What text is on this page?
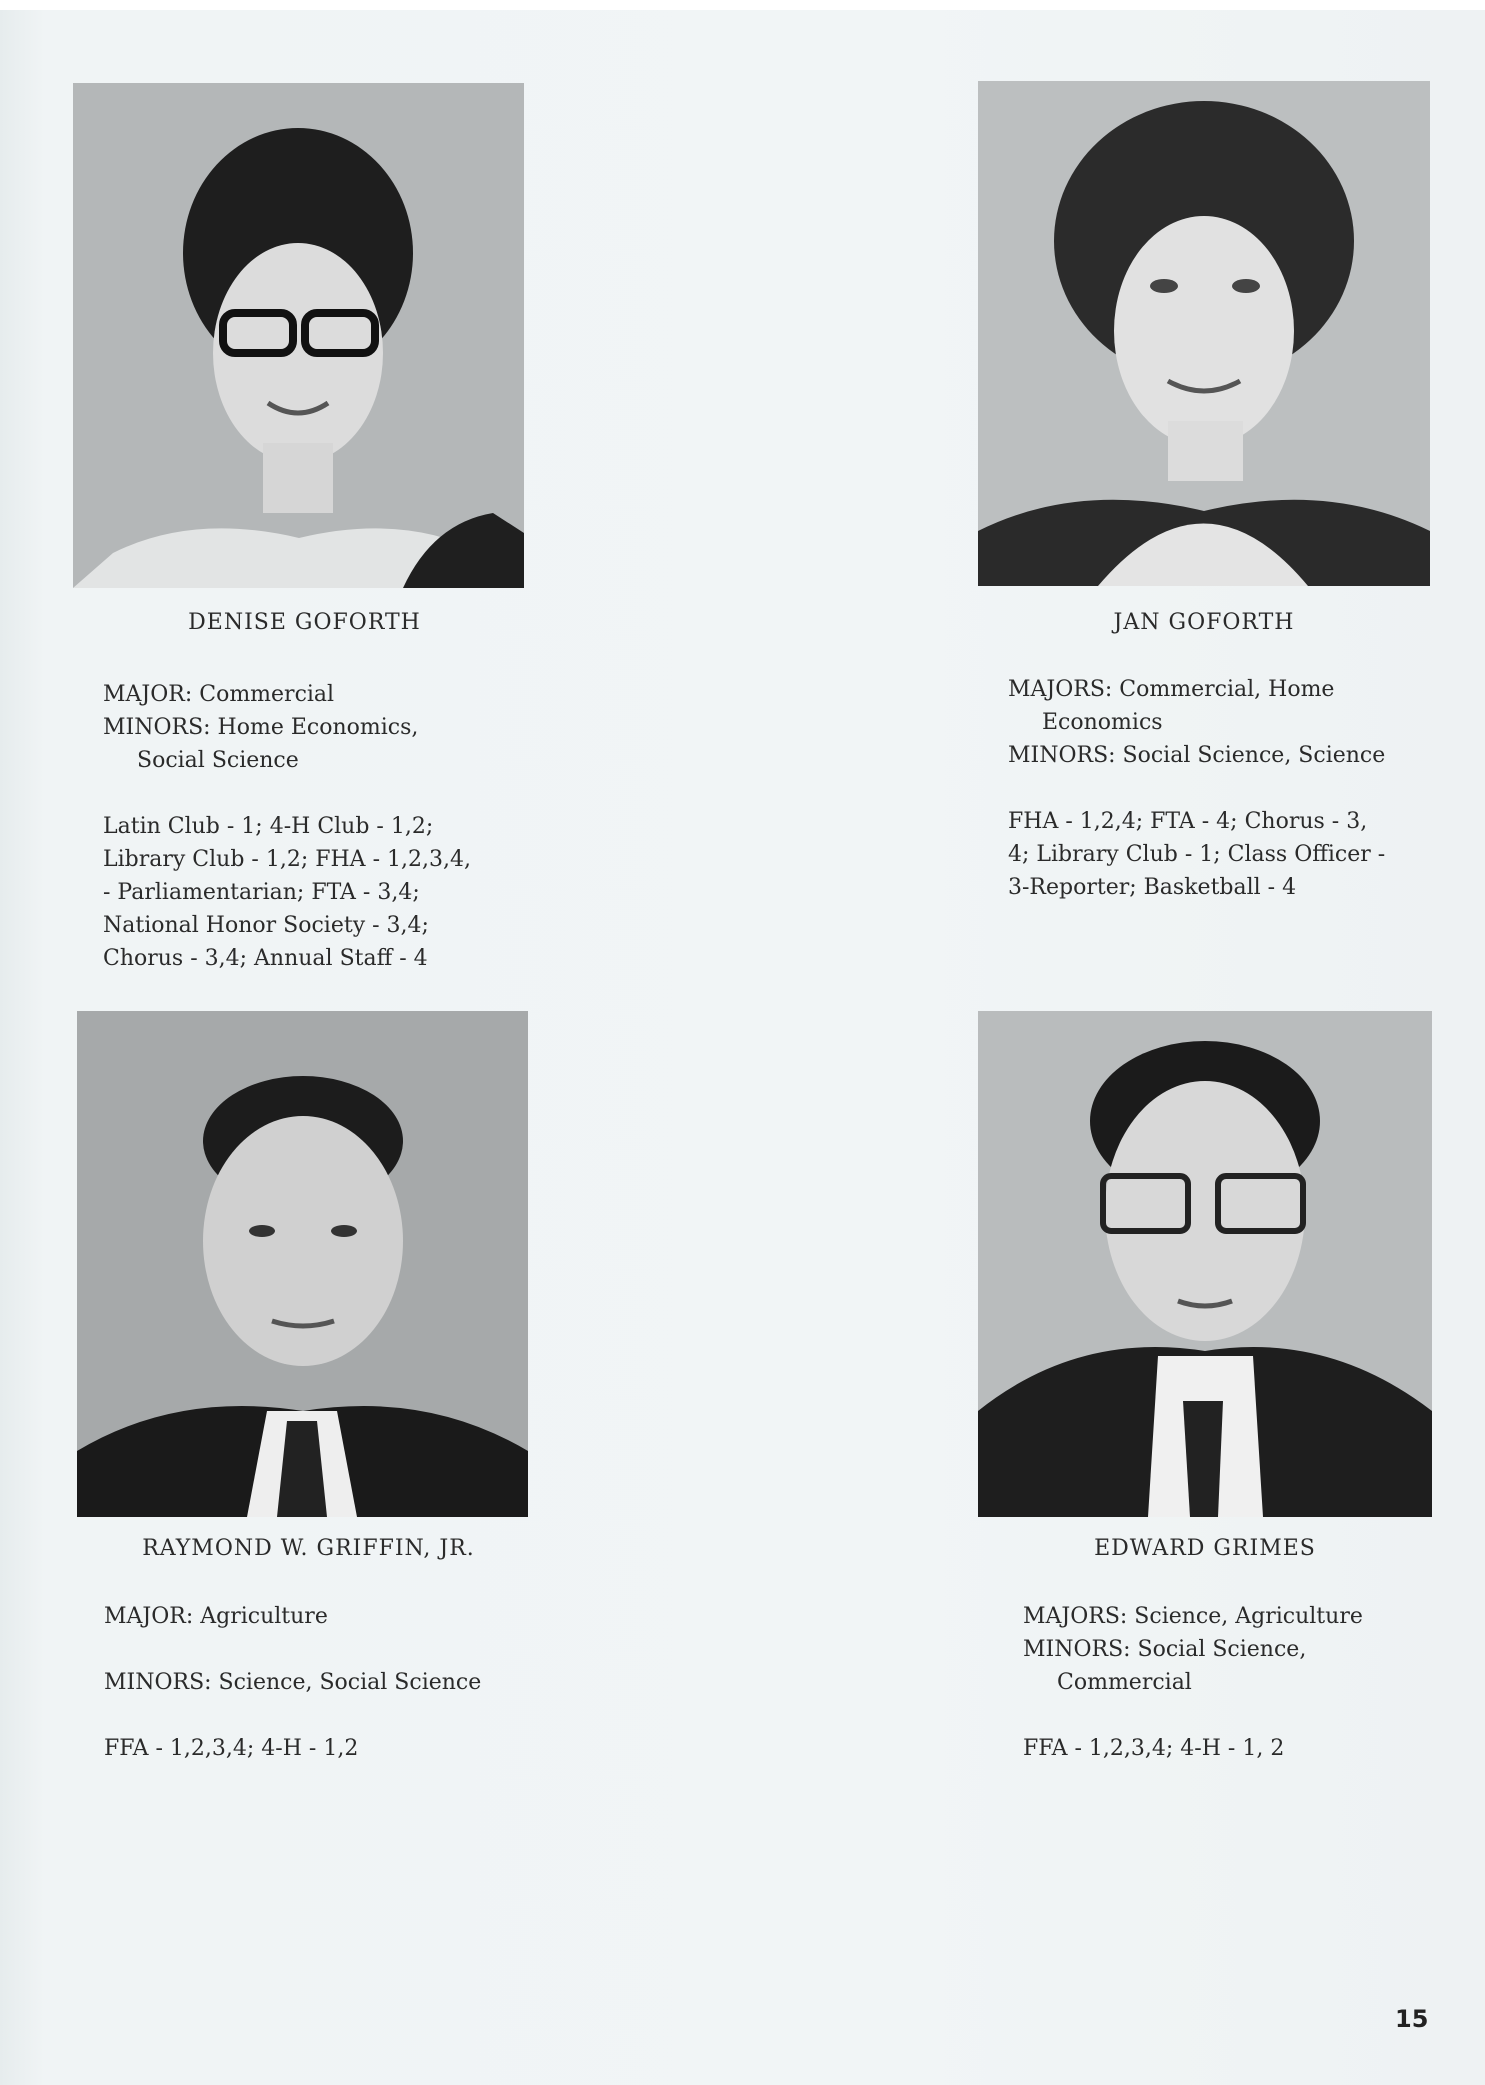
DENISE GOFORTH
MAJOR: Commercial
MINORS: Home Economics,
Social Science
Latin Club - 1; 4-H Club - 1,2;
Library Club - 1,2; FHA - 1,2,3,4,
- Parliamentarian; FTA - 3,4;
National Honor Society - 3,4;
Chorus - 3,4; Annual Staff - 4
JAN GOFORTH
MAJORS: Commercial, Home
Economics
MINORS: Social Science, Science
FHA - 1,2,4; FTA - 4; Chorus - 3,
4; Library Club - 1; Class Officer -
3-Reporter; Basketball - 4
RAYMOND W. GRIFFIN, JR.
MAJOR: Agriculture
MINORS: Science, Social Science
FFA - 1,2,3,4; 4-H - 1,2
EDWARD GRIMES
MAJORS: Science, Agriculture
MINORS: Social Science,
Commercial
FFA - 1,2,3,4; 4-H - 1, 2
15
